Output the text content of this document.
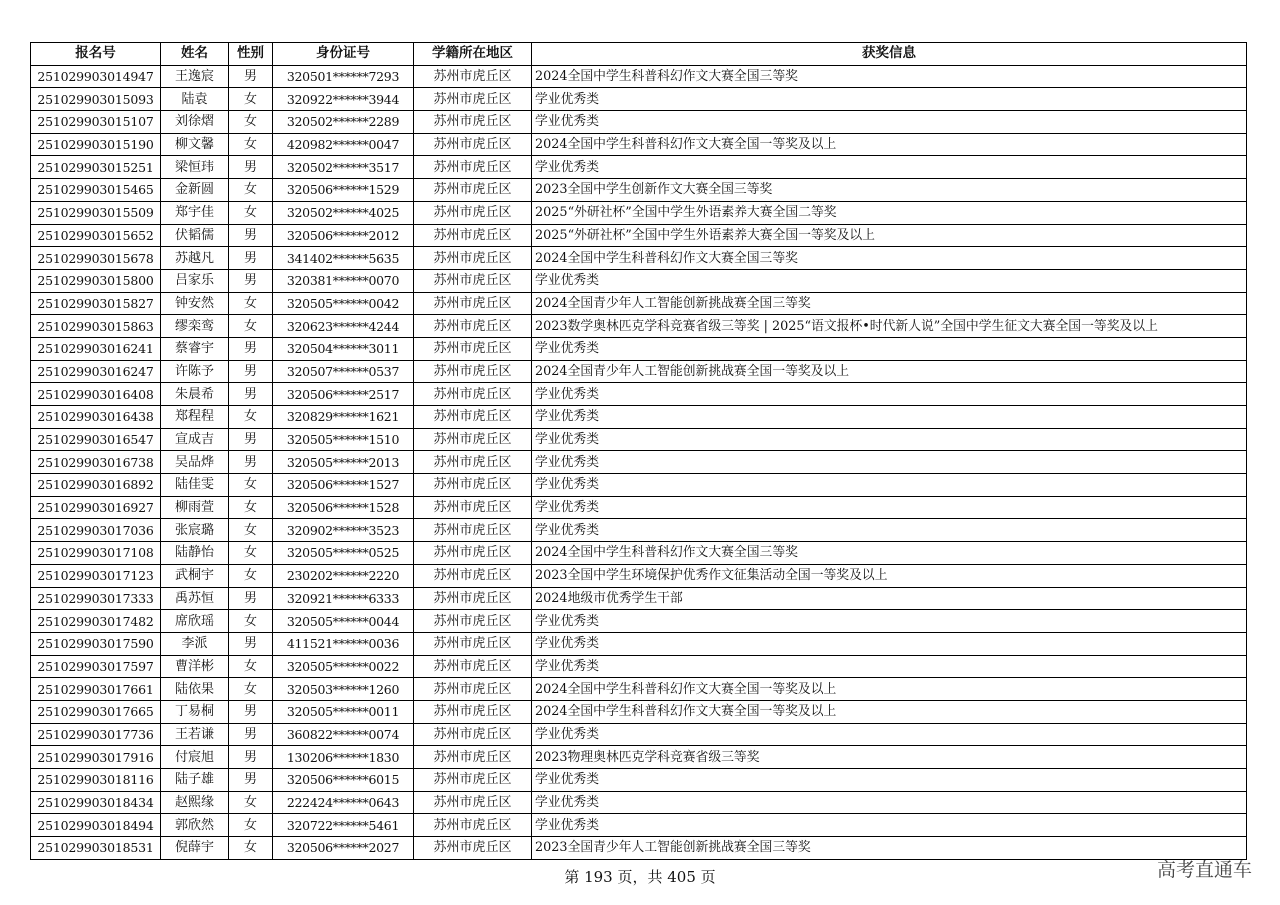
报名号	姓名	性别	身份证号	学籍所在地区	获奖信息
251029903014947	王逸宸	男	320501******7293	苏州市虎丘区	2024全国中学生科普科幻作文大赛全国三等奖
251029903015093	陆袁	女	320922******3944	苏州市虎丘区	学业优秀类
251029903015107	刘徐熠	女	320502******2289	苏州市虎丘区	学业优秀类
251029903015190	柳文馨	女	420982******0047	苏州市虎丘区	2024全国中学生科普科幻作文大赛全国一等奖及以上
251029903015251	梁恒玮	男	320502******3517	苏州市虎丘区	学业优秀类
251029903015465	金新圆	女	320506******1529	苏州市虎丘区	2023全国中学生创新作文大赛全国三等奖
251029903015509	郑宇佳	女	320502******4025	苏州市虎丘区	2025“外研社杯”全国中学生外语素养大赛全国二等奖
251029903015652	伏韬儒	男	320506******2012	苏州市虎丘区	2025“外研社杯”全国中学生外语素养大赛全国一等奖及以上
251029903015678	苏越凡	男	341402******5635	苏州市虎丘区	2024全国中学生科普科幻作文大赛全国三等奖
251029903015800	吕家乐	男	320381******0070	苏州市虎丘区	学业优秀类
251029903015827	钟安然	女	320505******0042	苏州市虎丘区	2024全国青少年人工智能创新挑战赛全国三等奖
251029903015863	缪栾鸾	女	320623******4244	苏州市虎丘区	2023数学奥林匹克学科竞赛省级三等奖 | 2025“语文报杯•时代新人说”全国中学生征文大赛全国一等奖及以上
251029903016241	蔡睿宇	男	320504******3011	苏州市虎丘区	学业优秀类
251029903016247	许陈予	男	320507******0537	苏州市虎丘区	2024全国青少年人工智能创新挑战赛全国一等奖及以上
251029903016408	朱晨希	男	320506******2517	苏州市虎丘区	学业优秀类
251029903016438	郑程程	女	320829******1621	苏州市虎丘区	学业优秀类
251029903016547	宣成吉	男	320505******1510	苏州市虎丘区	学业优秀类
251029903016738	吴品烨	男	320505******2013	苏州市虎丘区	学业优秀类
251029903016892	陆佳雯	女	320506******1527	苏州市虎丘区	学业优秀类
251029903016927	柳雨萱	女	320506******1528	苏州市虎丘区	学业优秀类
251029903017036	张宸璐	女	320902******3523	苏州市虎丘区	学业优秀类
251029903017108	陆静怡	女	320505******0525	苏州市虎丘区	2024全国中学生科普科幻作文大赛全国三等奖
251029903017123	武桐宇	女	230202******2220	苏州市虎丘区	2023全国中学生环境保护优秀作文征集活动全国一等奖及以上
251029903017333	禹苏恒	男	320921******6333	苏州市虎丘区	2024地级市优秀学生干部
251029903017482	席欣瑶	女	320505******0044	苏州市虎丘区	学业优秀类
251029903017590	李派	男	411521******0036	苏州市虎丘区	学业优秀类
251029903017597	曹洋彬	女	320505******0022	苏州市虎丘区	学业优秀类
251029903017661	陆依果	女	320503******1260	苏州市虎丘区	2024全国中学生科普科幻作文大赛全国一等奖及以上
251029903017665	丁易桐	男	320505******0011	苏州市虎丘区	2024全国中学生科普科幻作文大赛全国一等奖及以上
251029903017736	王若谦	男	360822******0074	苏州市虎丘区	学业优秀类
251029903017916	付宸旭	男	130206******1830	苏州市虎丘区	2023物理奥林匹克学科竞赛省级三等奖
251029903018116	陆子雄	男	320506******6015	苏州市虎丘区	学业优秀类
251029903018434	赵熙缘	女	222424******0643	苏州市虎丘区	学业优秀类
251029903018494	郭欣然	女	320722******5461	苏州市虎丘区	学业优秀类
251029903018531	倪薛宇	女	320506******2027	苏州市虎丘区	2023全国青少年人工智能创新挑战赛全国三等奖
第 193 页，共 405 页	高考直通车
